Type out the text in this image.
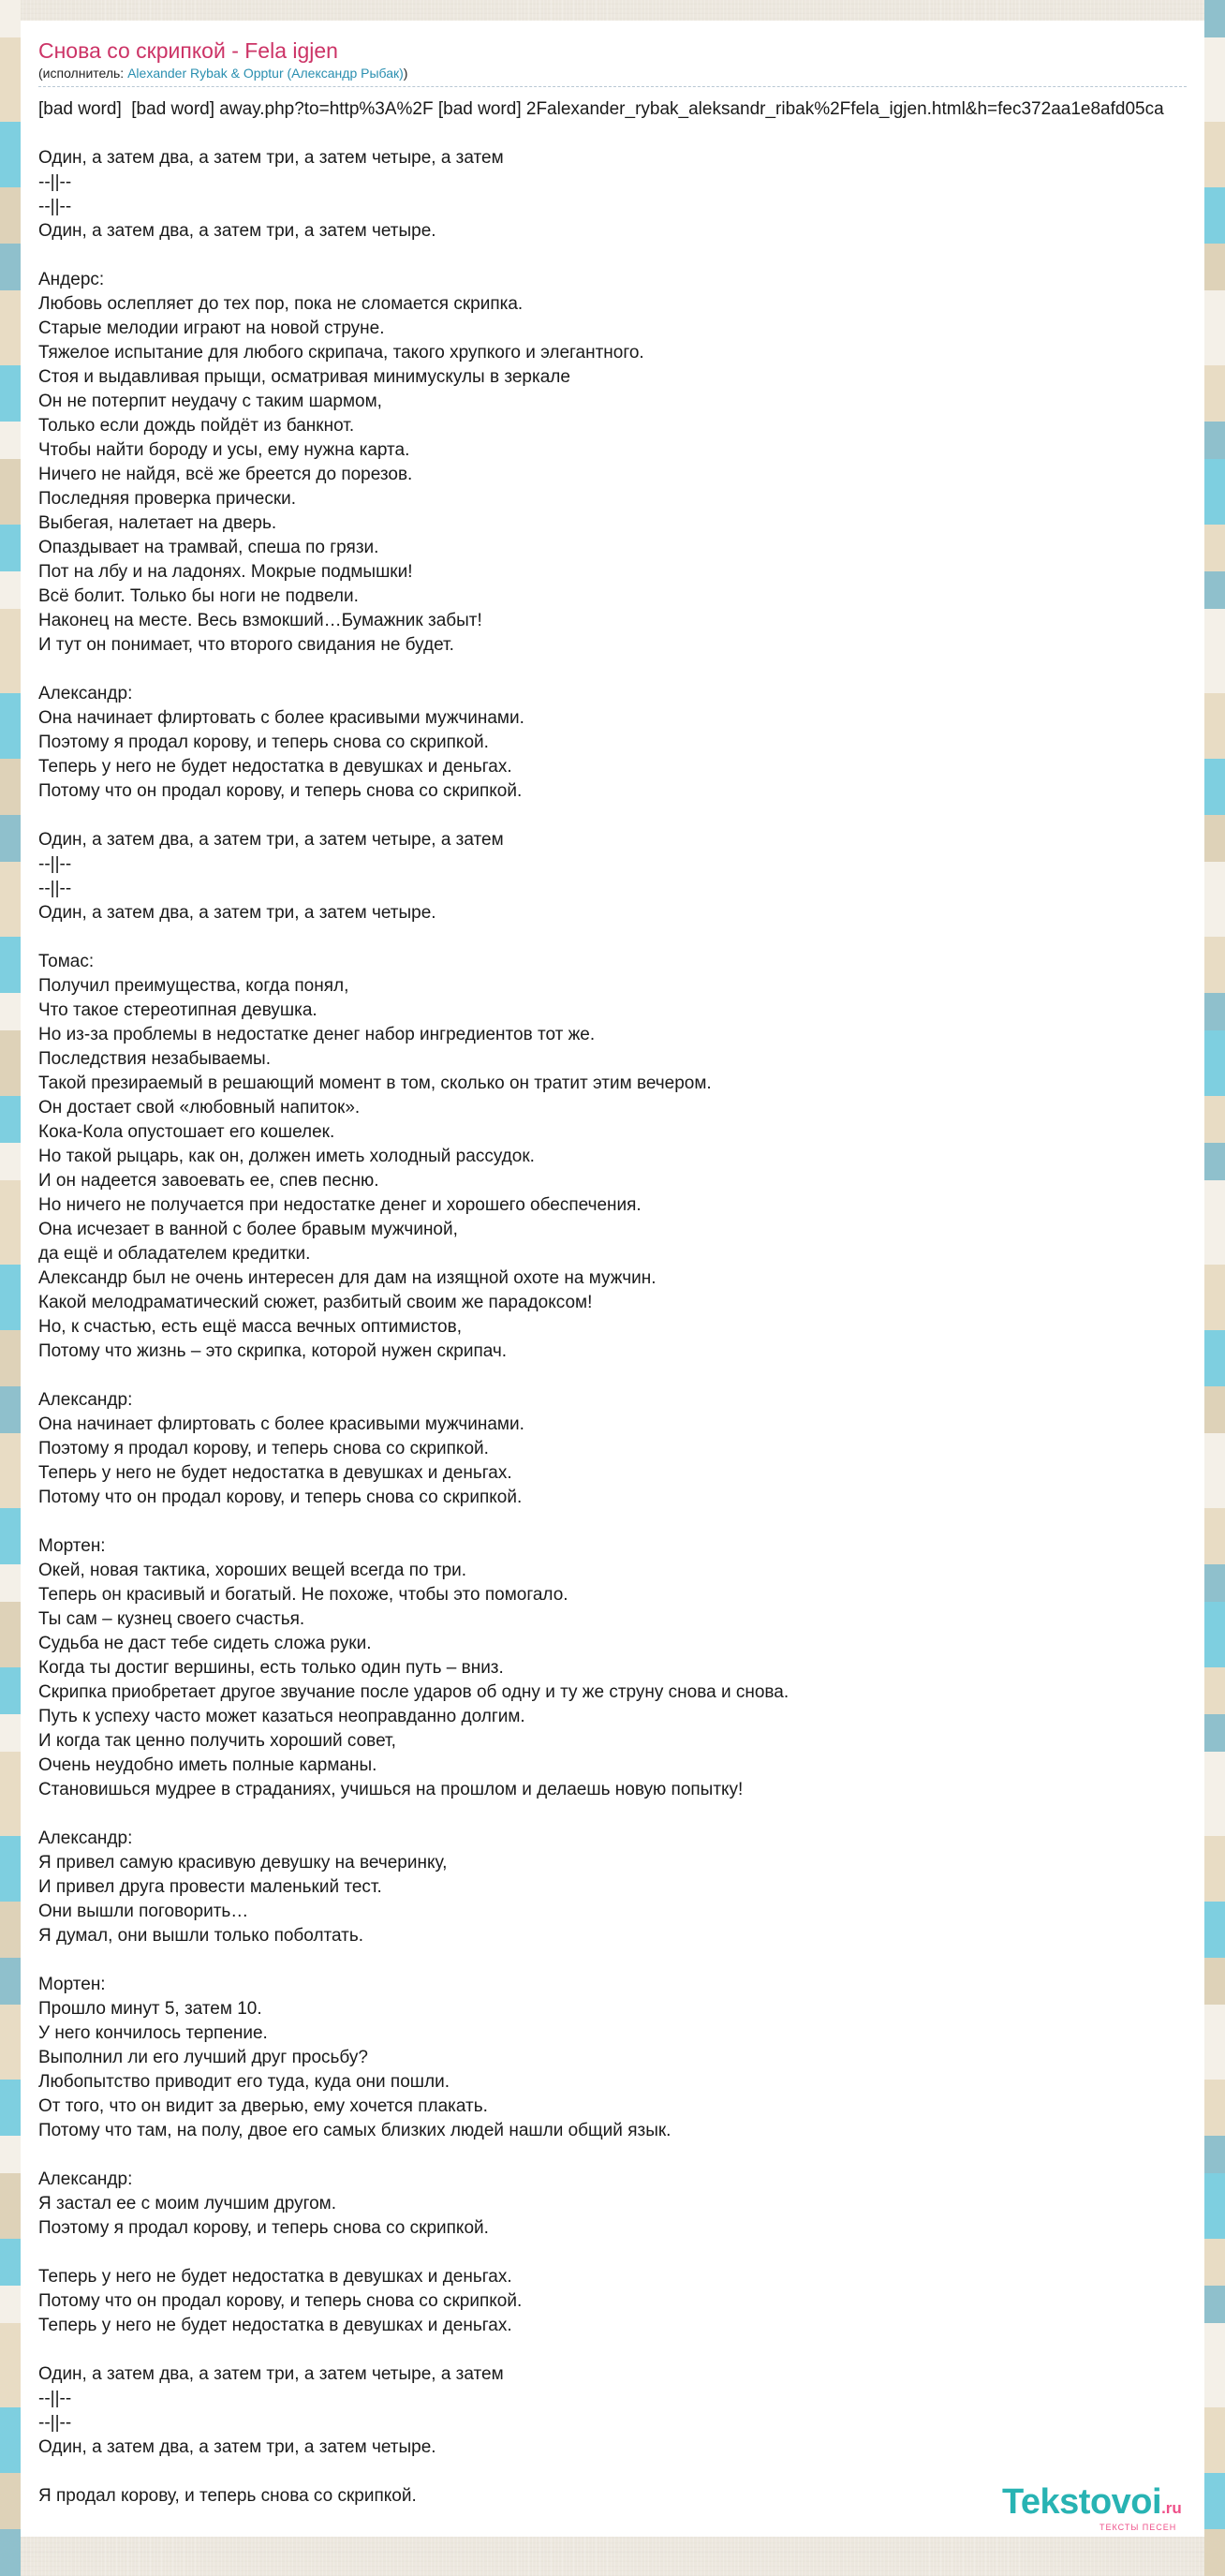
Снова со скрипкой - Fela igjen
(исполнитель: Alexander Rybak & Opptur (Александр Рыбак))
[bad word]  [bad word] away.php?to=http%3A%2F [bad word] 2Falexander_rybak_aleksandr_ribak%2Ffela_igjen.html&h=fec372aa1e8afd05ca
Один, а затем два, а затем три, а затем четыре, а затем
--||--
--||--
Один, а затем два, а затем три, а затем четыре.
Андерс:
Любовь ослепляет до тех пор, пока не сломается скрипка.
Старые мелодии играют на новой струне.
Тяжелое испытание для любого скрипача, такого хрупкого и элегантного.
Стоя и выдавливая прыщи, осматривая минимускулы в зеркале
Он не потерпит неудачу с таким шармом,
Только если дождь пойдёт из банкнот.
Чтобы найти бороду и усы, ему нужна карта.
Ничего не найдя, всё же бреется до порезов.
Последняя проверка прически.
Выбегая, налетает на дверь.
Опаздывает на трамвай, спеша по грязи.
Пот на лбу и на ладонях. Мокрые подмышки!
Всё болит. Только бы ноги не подвели.
Наконец на месте. Весь взмокший…Бумажник забыт!
И тут он понимает, что второго свидания не будет.
Александр:
Она начинает флиртовать с более красивыми мужчинами.
Поэтому я продал корову, и теперь снова со скрипкой.
Теперь у него не будет недостатка в девушках и деньгах.
Потому что он продал корову, и теперь снова со скрипкой.
Один, а затем два, а затем три, а затем четыре, а затем
--||--
--||--
Один, а затем два, а затем три, а затем четыре.
Томас:
Получил преимущества, когда понял,
Что такое стереотипная девушка.
Но из-за проблемы в недостатке денег набор ингредиентов тот же.
Последствия незабываемы.
Такой презираемый в решающий момент в том, сколько он тратит этим вечером.
Он достает свой «любовный напиток».
Кока-Кола опустошает его кошелек.
Но такой рыцарь, как он, должен иметь холодный рассудок.
И он надеется завоевать ее, спев песню.
Но ничего не получается при недостатке денег и хорошего обеспечения.
Она исчезает в ванной с более бравым мужчиной,
да ещё и обладателем кредитки.
Александр был не очень интересен для дам на изящной охоте на мужчин.
Какой мелодраматический сюжет, разбитый своим же парадоксом!
Но, к счастью, есть ещё масса вечных оптимистов,
Потому что жизнь – это скрипка, которой нужен скрипач.
Александр:
Она начинает флиртовать с более красивыми мужчинами.
Поэтому я продал корову, и теперь снова со скрипкой.
Теперь у него не будет недостатка в девушках и деньгах.
Потому что он продал корову, и теперь снова со скрипкой.
Мортен:
Окей, новая тактика, хороших вещей всегда по три.
Теперь он красивый и богатый. Не похоже, чтобы это помогало.
Ты сам – кузнец своего счастья.
Судьба не даст тебе сидеть сложа руки.
Когда ты достиг вершины, есть только один путь – вниз.
Скрипка приобретает другое звучание после ударов об одну и ту же струну снова и снова.
Путь к успеху часто может казаться неоправданно долгим.
И когда так ценно получить хороший совет,
Очень неудобно иметь полные карманы.
Становишься мудрее в страданиях, учишься на прошлом и делаешь новую попытку!
Александр:
Я привел самую красивую девушку на вечеринку,
И привел друга провести маленький тест.
Они вышли поговорить…
Я думал, они вышли только поболтать.
Мортен:
Прошло минут 5, затем 10.
У него кончилось терпение.
Выполнил ли его лучший друг просьбу?
Любопытство приводит его туда, куда они пошли.
От того, что он видит за дверью, ему хочется плакать.
Потому что там, на полу, двое его самых близких людей нашли общий язык.
Александр:
Я застал ее с моим лучшим другом.
Поэтому я продал корову, и теперь снова со скрипкой.
Теперь у него не будет недостатка в девушках и деньгах.
Потому что он продал корову, и теперь снова со скрипкой.
Теперь у него не будет недостатка в девушках и деньгах.
Один, а затем два, а затем три, а затем четыре, а затем
--||--
--||--
Один, а затем два, а затем три, а затем четыре.
Я продал корову, и теперь снова со скрипкой.	Tekstovoi.ru
ТЕКСТЫ ПЕСЕН
